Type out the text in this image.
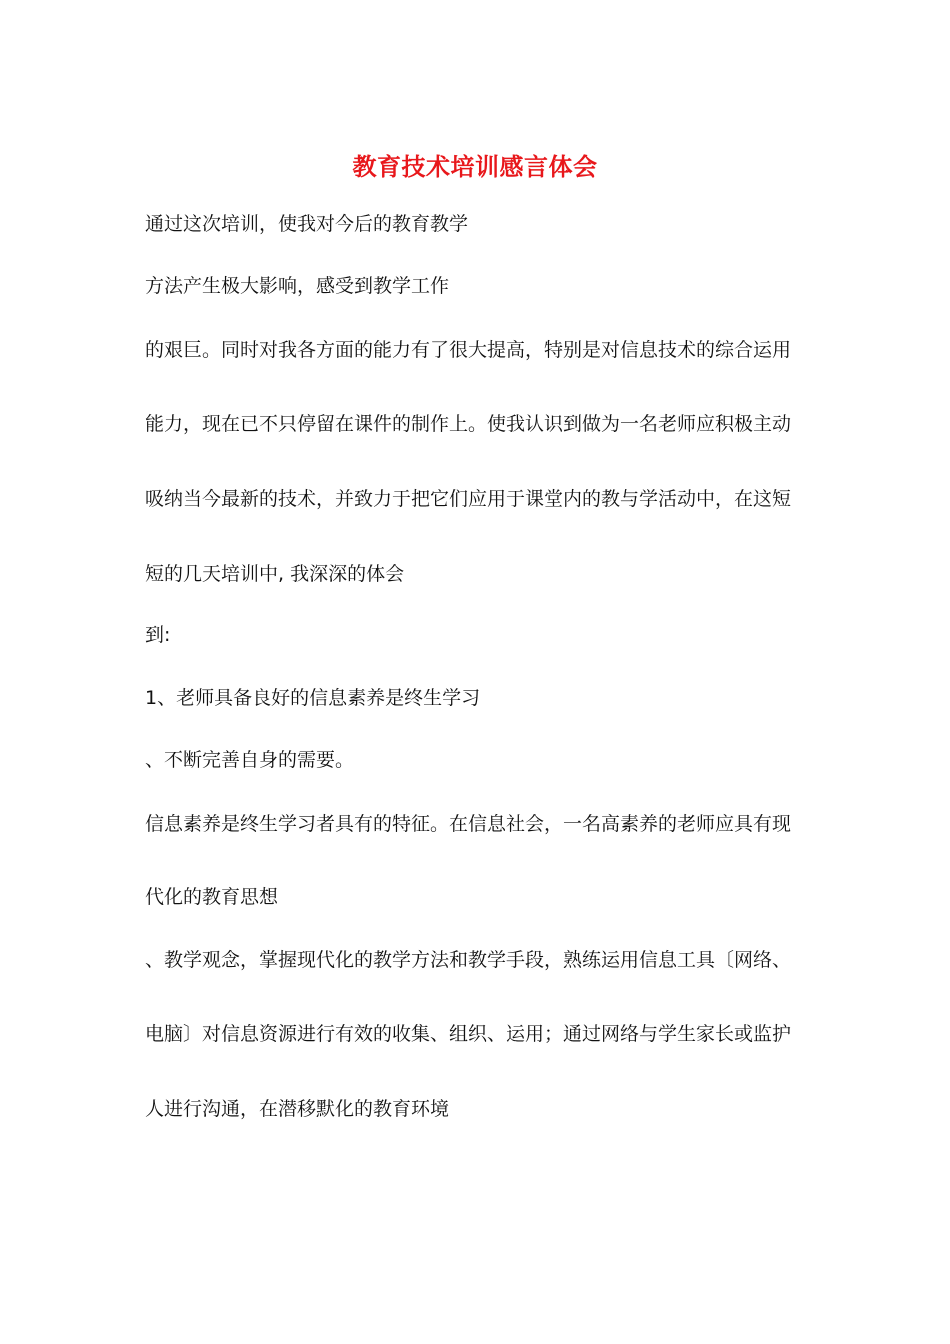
教育技术培训感言体会
通过这次培训，使我对今后的教育教学
方法产生极大影响，感受到教学工作
的艰巨。同时对我各方面的能力有了很大提高，特别是对信息技术的综合运用
能力，现在已不只停留在课件的制作上。使我认识到做为一名老师应积极主动
吸纳当今最新的技术，并致力于把它们应用于课堂内的教与学活动中，在这短
短的几天培训中, 我深深的体会
到:
1、老师具备良好的信息素养是终生学习
、不断完善自身的需要。
信息素养是终生学习者具有的特征。在信息社会，一名高素养的老师应具有现
代化的教育思想
、教学观念，掌握现代化的教学方法和教学手段，熟练运用信息工具〔网络、
电脑〕对信息资源进行有效的收集、组织、运用；通过网络与学生家长或监护
人进行沟通，在潜移默化的教育环境
